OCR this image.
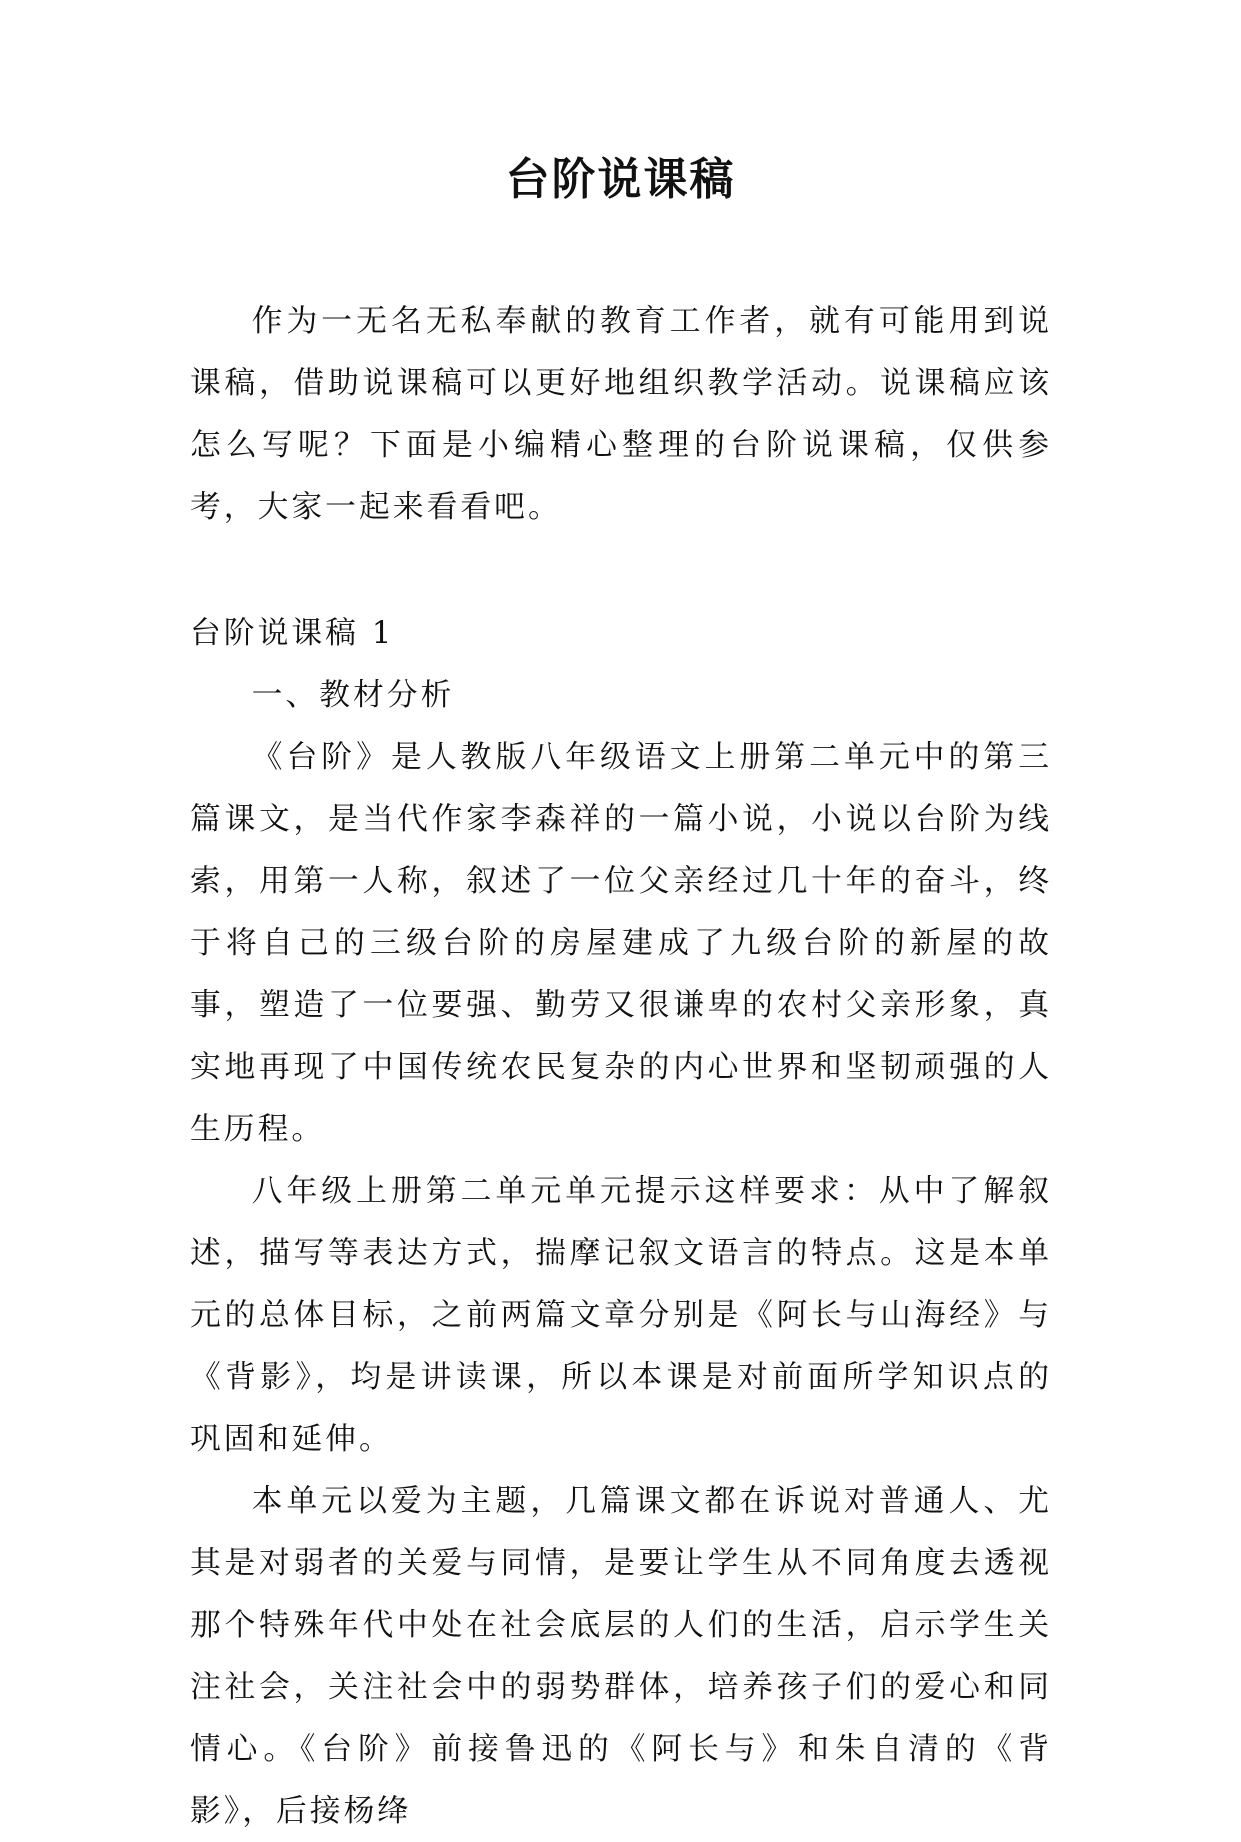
台阶说课稿

作为一无名无私奉献的教育工作者，就有可能用到说课稿，借助说课稿可以更好地组织教学活动。说课稿应该怎么写呢？下面是小编精心整理的台阶说课稿，仅供参考，大家一起来看看吧。

台阶说课稿 1

一、教材分析

《台阶》是人教版八年级语文上册第二单元中的第三篇课文，是当代作家李森祥的一篇小说，小说以台阶为线索，用第一人称，叙述了一位父亲经过几十年的奋斗，终于将自己的三级台阶的房屋建成了九级台阶的新屋的故事，塑造了一位要强、勤劳又很谦卑的农村父亲形象，真实地再现了中国传统农民复杂的内心世界和坚韧顽强的人生历程。

八年级上册第二单元单元提示这样要求：从中了解叙述，描写等表达方式，揣摩记叙文语言的特点。这是本单元的总体目标，之前两篇文章分别是《阿长与山海经》与《背影》，均是讲读课，所以本课是对前面所学知识点的巩固和延伸。

本单元以爱为主题，几篇课文都在诉说对普通人、尤其是对弱者的关爱与同情，是要让学生从不同角度去透视那个特殊年代中处在社会底层的人们的生活，启示学生关注社会，关注社会中的弱势群体，培养孩子们的爱心和同情心。《台阶》前接鲁迅的《阿长与》和朱自清的《背影》，后接杨绛
